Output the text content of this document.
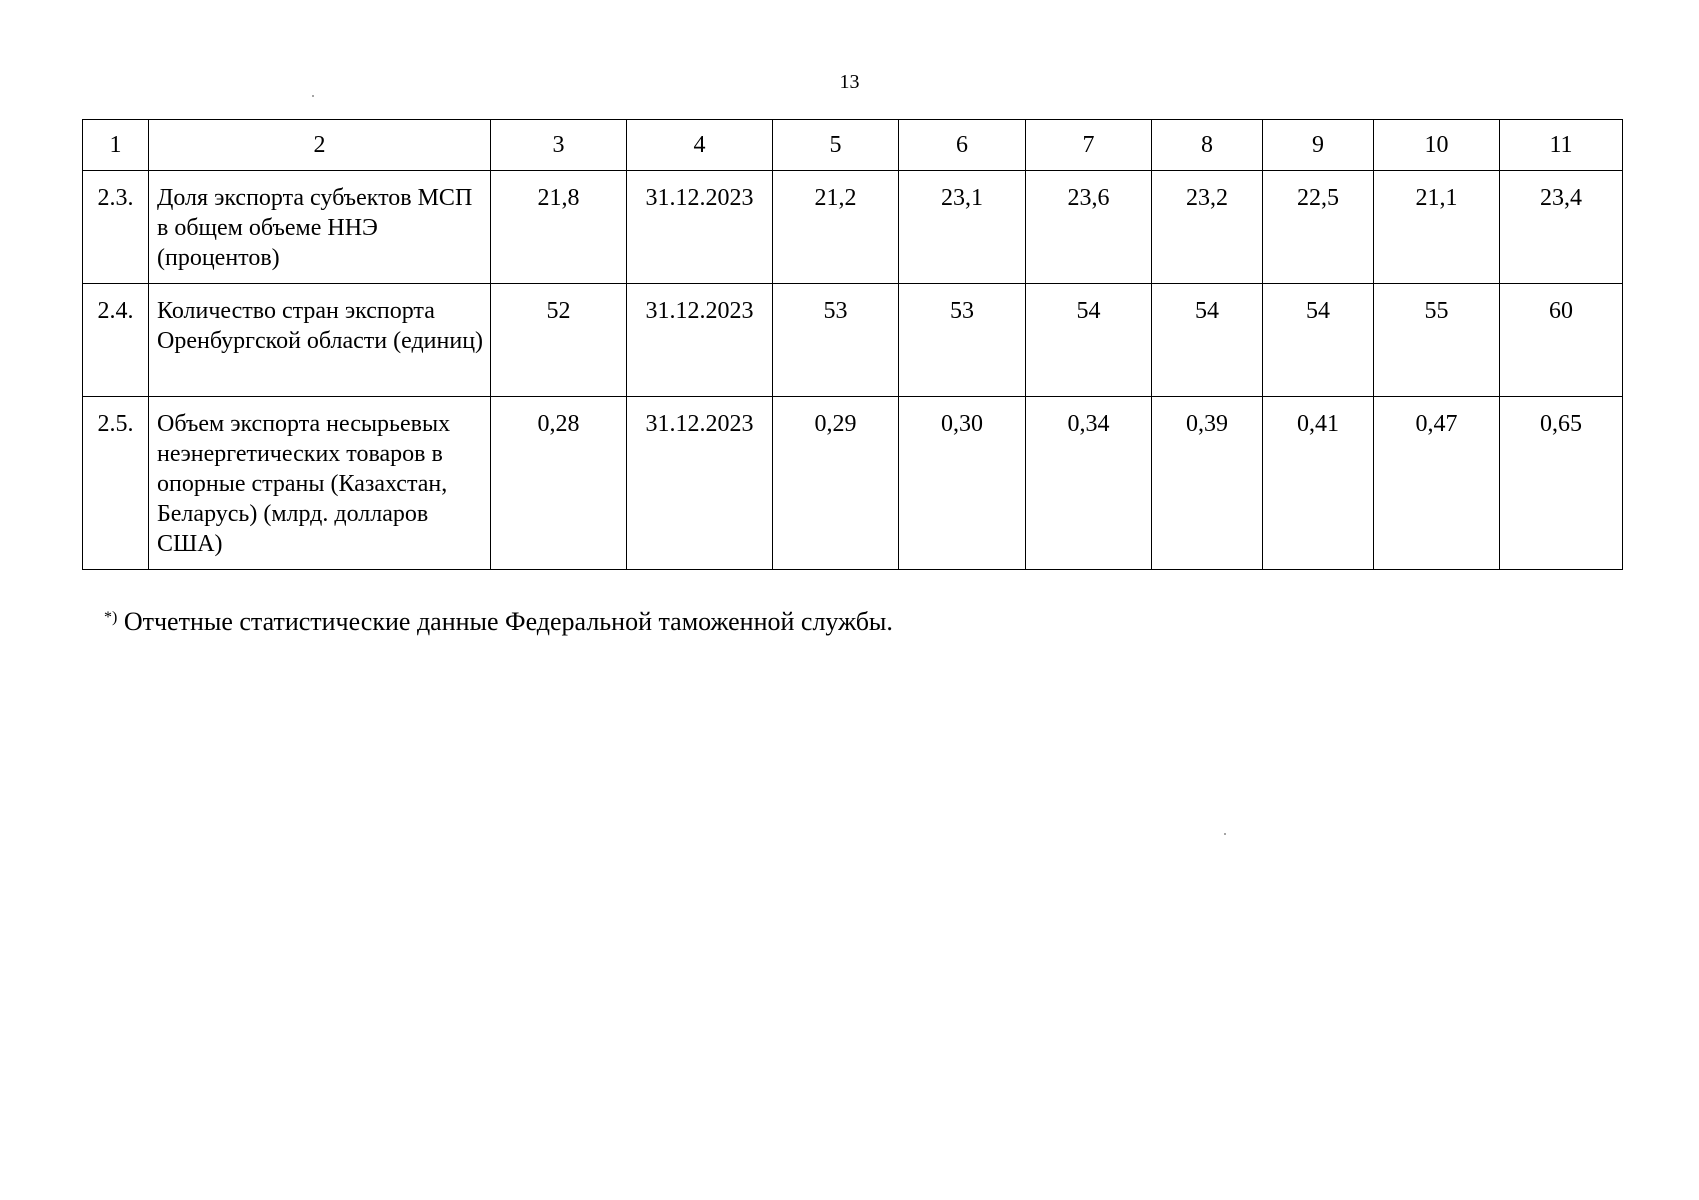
13
1	2	3	4	5	6	7	8	9	10	11
2.3.	Доля экспорта субъектов МСП в общем объеме ННЭ (процентов)	21,8	31.12.2023	21,2	23,1	23,6	23,2	22,5	21,1	23,4
2.4.	Количество стран экспорта Оренбургской области (единиц)	52	31.12.2023	53	53	54	54	54	55	60
2.5.	Объем экспорта несырьевых неэнергетических товаров в опорные страны (Казахстан, Беларусь) (млрд. долларов США)	0,28	31.12.2023	0,29	0,30	0,34	0,39	0,41	0,47	0,65
*) Отчетные статистические данные Федеральной таможенной службы.
